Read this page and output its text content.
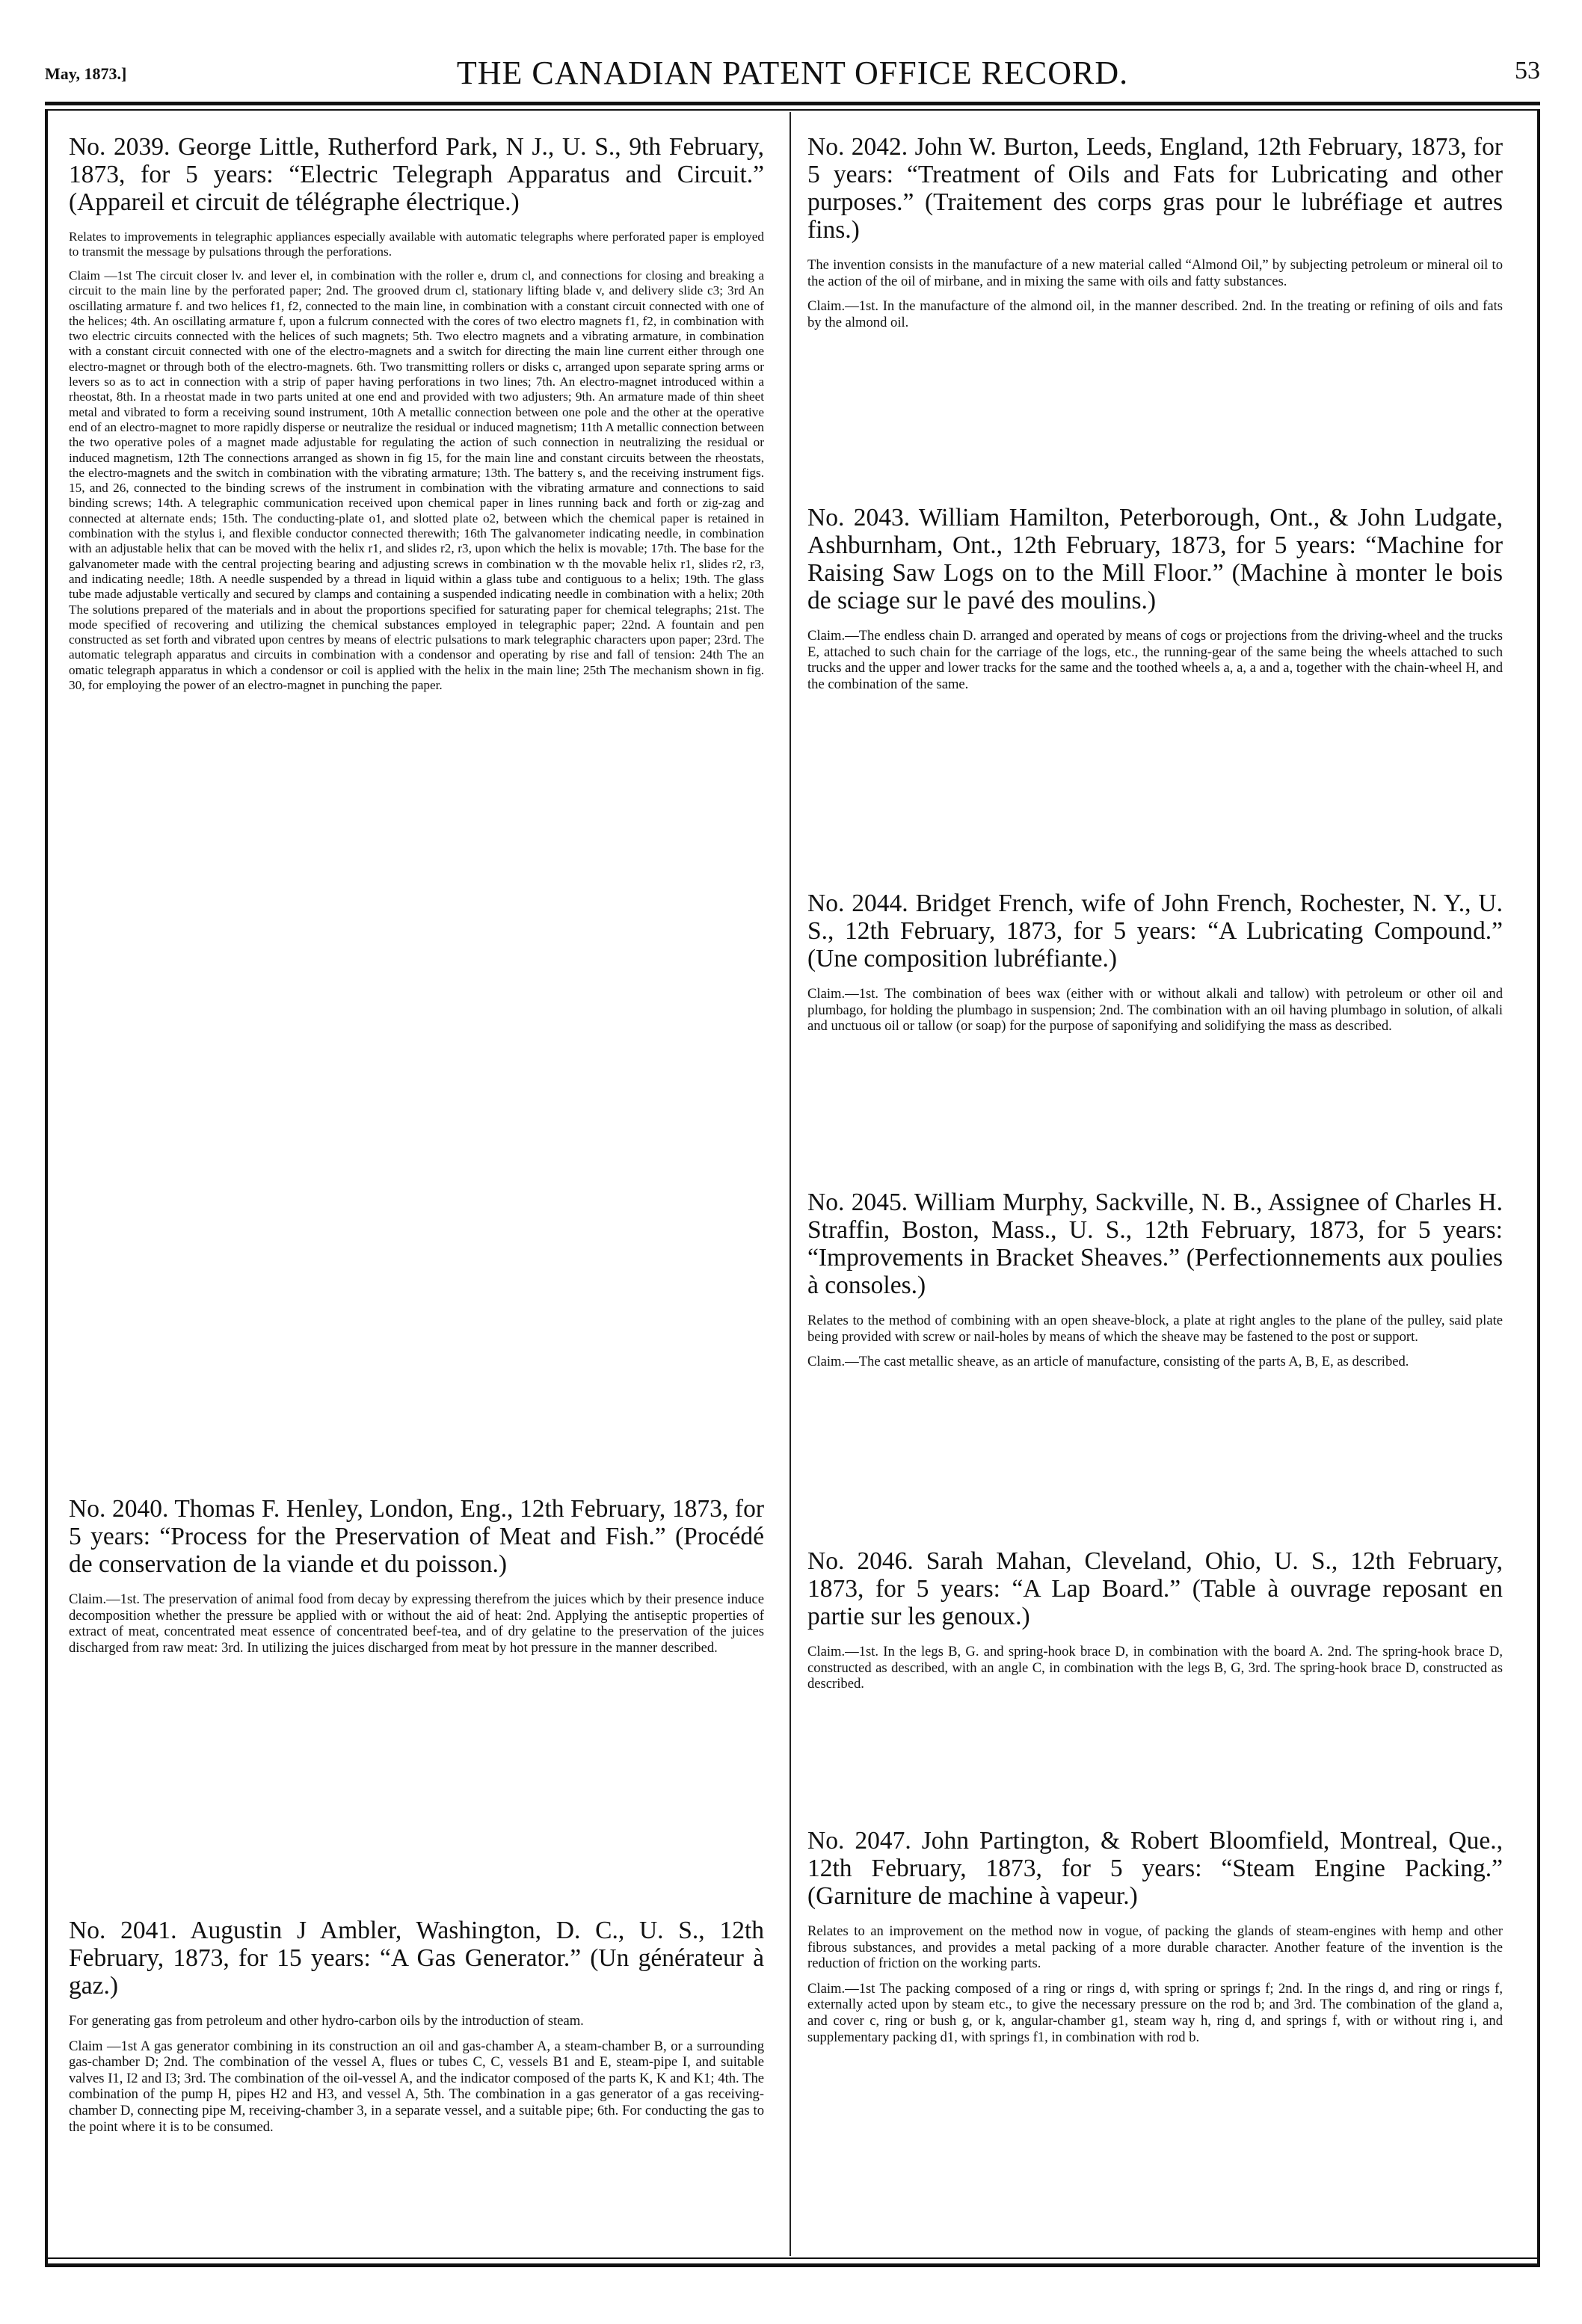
May, 1873.]	THE CANADIAN PATENT OFFICE RECORD.	53
No. 2039. George Little, Rutherford Park, N J., U. S., 9th February, 1873, for 5 years: “Electric Telegraph Apparatus and Circuit.” (Appareil et circuit de télégraphe électrique.)

Relates to improvements in telegraphic appliances especially available with automatic telegraphs where perforated paper is employed to transmit the message by pulsations through the perforations.

Claim —1st The circuit closer lv. and lever el, in combination with the roller e, drum cl, and connections for closing and breaking a circuit to the main line by the perforated paper; 2nd. The grooved drum cl, stationary lifting blade v, and delivery slide c3; 3rd An oscillating armature f. and two helices f1, f2, connected to the main line, in combination with a constant circuit connected with one of the helices; 4th. An oscillating armature f, upon a fulcrum connected with the cores of two electro magnets f1, f2, in combination with two electric circuits connected with the helices of such magnets; 5th. Two electro magnets and a vibrating armature, in combination with a constant circuit connected with one of the electro-magnets and a switch for directing the main line current either through one electro-magnet or through both of the electro-magnets. 6th. Two transmitting rollers or disks c, arranged upon separate spring arms or levers so as to act in connection with a strip of paper having perforations in two lines; 7th. An electro-magnet introduced within a rheostat, 8th. In a rheostat made in two parts united at one end and provided with two adjusters; 9th. An armature made of thin sheet metal and vibrated to form a receiving sound instrument, 10th A metallic connection between one pole and the other at the operative end of an electro-magnet to more rapidly disperse or neutralize the residual or induced magnetism; 11th A metallic connection between the two operative poles of a magnet made adjustable for regulating the action of such connection in neutralizing the residual or induced magnetism, 12th The connections arranged as shown in fig 15, for the main line and constant circuits between the rheostats, the electro-magnets and the switch in combination with the vibrating armature; 13th. The battery s, and the receiving instrument figs. 15, and 26, connected to the binding screws of the instrument in combination with the vibrating armature and connections to said binding screws; 14th. A telegraphic communication received upon chemical paper in lines running back and forth or zig-zag and connected at alternate ends; 15th. The conducting-plate o1, and slotted plate o2, between which the chemical paper is retained in combination with the stylus i, and flexible conductor connected therewith; 16th The galvanometer indicating needle, in combination with an adjustable helix that can be moved with the helix r1, and slides r2, r3, upon which the helix is movable; 17th. The base for the galvanometer made with the central projecting bearing and adjusting screws in combination w th the movable helix r1, slides r2, r3, and indicating needle; 18th. A needle suspended by a thread in liquid within a glass tube and contiguous to a helix; 19th. The glass tube made adjustable vertically and secured by clamps and containing a suspended indicating needle in combination with a helix; 20th The solutions prepared of the materials and in about the proportions specified for saturating paper for chemical telegraphs; 21st. The mode specified of recovering and utilizing the chemical substances employed in telegraphic paper; 22nd. A fountain and pen constructed as set forth and vibrated upon centres by means of electric pulsations to mark telegraphic characters upon paper; 23rd. The automatic telegraph apparatus and circuits in combination with a condensor and operating by rise and fall of tension: 24th The an omatic telegraph apparatus in which a condensor or coil is applied with the helix in the main line; 25th The mechanism shown in fig. 30, for employing the power of an electro-magnet in punching the paper.

No. 2040. Thomas F. Henley, London, Eng., 12th February, 1873, for 5 years: “Process for the Preservation of Meat and Fish.” (Procédé de conservation de la viande et du poisson.)

Claim.—1st. The preservation of animal food from decay by expressing therefrom the juices which by their presence induce decomposition whether the pressure be applied with or without the aid of heat: 2nd. Applying the antiseptic properties of extract of meat, concentrated meat essence of concentrated beef-tea, and of dry gelatine to the preservation of the juices discharged from raw meat: 3rd. In utilizing the juices discharged from meat by hot pressure in the manner described.

No. 2041. Augustin J Ambler, Washington, D. C., U. S., 12th February, 1873, for 15 years: “A Gas Generator.” (Un générateur à gaz.)

For generating gas from petroleum and other hydro-carbon oils by the introduction of steam.

Claim —1st A gas generator combining in its construction an oil and gas-chamber A, a steam-chamber B, or a surrounding gas-chamber D; 2nd. The combination of the vessel A, flues or tubes C, C, vessels B1 and E, steam-pipe I, and suitable valves I1, I2 and I3; 3rd. The combination of the oil-vessel A, and the indicator composed of the parts K, K and K1; 4th. The combination of the pump H, pipes H2 and H3, and vessel A, 5th. The combination in a gas generator of a gas receiving-chamber D, connecting pipe M, receiving-chamber 3, in a separate vessel, and a suitable pipe; 6th. For conducting the gas to the point where it is to be consumed.

No. 2042. John W. Burton, Leeds, England, 12th February, 1873, for 5 years: “Treatment of Oils and Fats for Lubricating and other purposes.” (Traitement des corps gras pour le lubréfiage et autres fins.)

The invention consists in the manufacture of a new material called “Almond Oil,” by subjecting petroleum or mineral oil to the action of the oil of mirbane, and in mixing the same with oils and fatty substances.

Claim.—1st. In the manufacture of the almond oil, in the manner described. 2nd. In the treating or refining of oils and fats by the almond oil.

No. 2043. William Hamilton, Peterborough, Ont., & John Ludgate, Ashburnham, Ont., 12th February, 1873, for 5 years: “Machine for Raising Saw Logs on to the Mill Floor.” (Machine à monter le bois de sciage sur le pavé des moulins.)

Claim.—The endless chain D. arranged and operated by means of cogs or projections from the driving-wheel and the trucks E, attached to such chain for the carriage of the logs, etc., the running-gear of the same being the wheels attached to such trucks and the upper and lower tracks for the same and the toothed wheels a, a, a and a, together with the chain-wheel H, and the combination of the same.

No. 2044. Bridget French, wife of John French, Rochester, N. Y., U. S., 12th February, 1873, for 5 years: “A Lubricating Compound.” (Une composition lubréfiante.)

Claim.—1st. The combination of bees wax (either with or without alkali and tallow) with petroleum or other oil and plumbago, for holding the plumbago in suspension; 2nd. The combination with an oil having plumbago in solution, of alkali and unctuous oil or tallow (or soap) for the purpose of saponifying and solidifying the mass as described.

No. 2045. William Murphy, Sackville, N. B., Assignee of Charles H. Straffin, Boston, Mass., U. S., 12th February, 1873, for 5 years: “Improvements in Bracket Sheaves.” (Perfectionnements aux poulies à consoles.)

Relates to the method of combining with an open sheave-block, a plate at right angles to the plane of the pulley, said plate being provided with screw or nail-holes by means of which the sheave may be fastened to the post or support.

Claim.—The cast metallic sheave, as an article of manufacture, consisting of the parts A, B, E, as described.

No. 2046. Sarah Mahan, Cleveland, Ohio, U. S., 12th February, 1873, for 5 years: “A Lap Board.” (Table à ouvrage reposant en partie sur les genoux.)

Claim.—1st. In the legs B, G. and spring-hook brace D, in combination with the board A. 2nd. The spring-hook brace D, constructed as described, with an angle C, in combination with the legs B, G, 3rd. The spring-hook brace D, constructed as described.

No. 2047. John Partington, & Robert Bloomfield, Montreal, Que., 12th February, 1873, for 5 years: “Steam Engine Packing.” (Garniture de machine à vapeur.)

Relates to an improvement on the method now in vogue, of packing the glands of steam-engines with hemp and other fibrous substances, and provides a metal packing of a more durable character. Another feature of the invention is the reduction of friction on the working parts.

Claim.—1st The packing composed of a ring or rings d, with spring or springs f; 2nd. In the rings d, and ring or rings f, externally acted upon by steam etc., to give the necessary pressure on the rod b; and 3rd. The combination of the gland a, and cover c, ring or bush g, or k, angular-chamber g1, steam way h, ring d, and springs f, with or without ring i, and supplementary packing d1, with springs f1, in combination with rod b.
